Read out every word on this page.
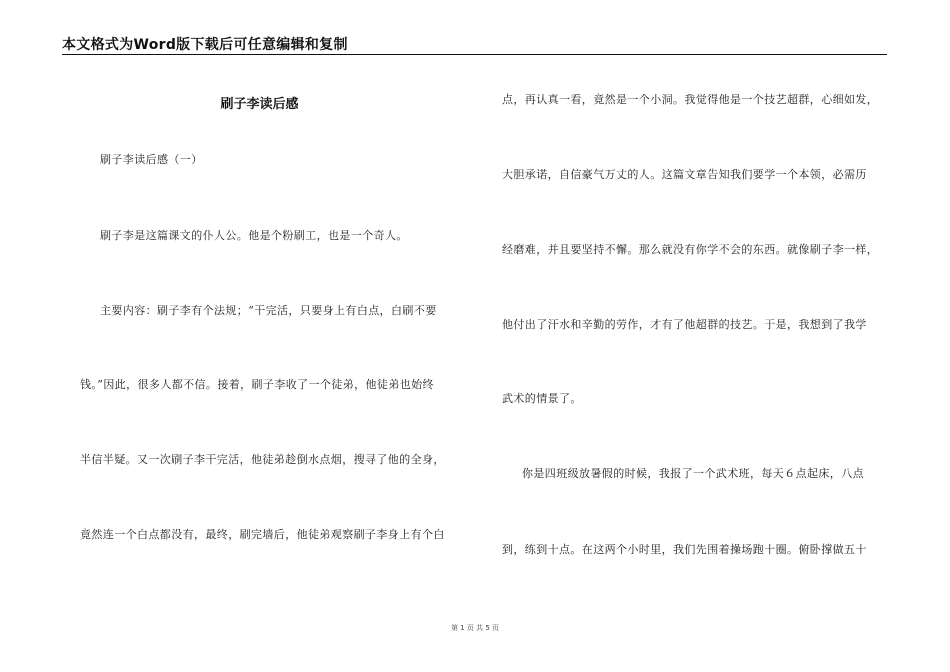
本文格式为Word版下载后可任意编辑和复制
刷子李读后感
刷子李读后感（一）
刷子李是这篇课文的仆人公。他是个粉刷工，也是一个奇人。
主要内容：刷子李有个法规；“干完活，只要身上有白点，白刷不要
钱。”因此，很多人都不信。接着，刷子李收了一个徒弟，他徒弟也始终
半信半疑。又一次刷子李干完活，他徒弟趁倒水点烟，搜寻了他的全身，
竟然连一个白点都没有，最终，刷完墙后，他徒弟观察刷子李身上有个白
点，再认真一看，竟然是一个小洞。我觉得他是一个技艺超群，心细如发，
大胆承诺，自信豪气万丈的人。这篇文章告知我们要学一个本领，必需历
经磨难，并且要坚持不懈。那么就没有你学不会的东西。就像刷子李一样，
他付出了汗水和辛勤的劳作，才有了他超群的技艺。于是，我想到了我学
武术的情景了。
你是四班级放暑假的时候，我报了一个武术班，每天６点起床，八点
到，练到十点。在这两个小时里，我们先围着操场跑十圈。俯卧撑做五十
第 1 页 共 5 页
